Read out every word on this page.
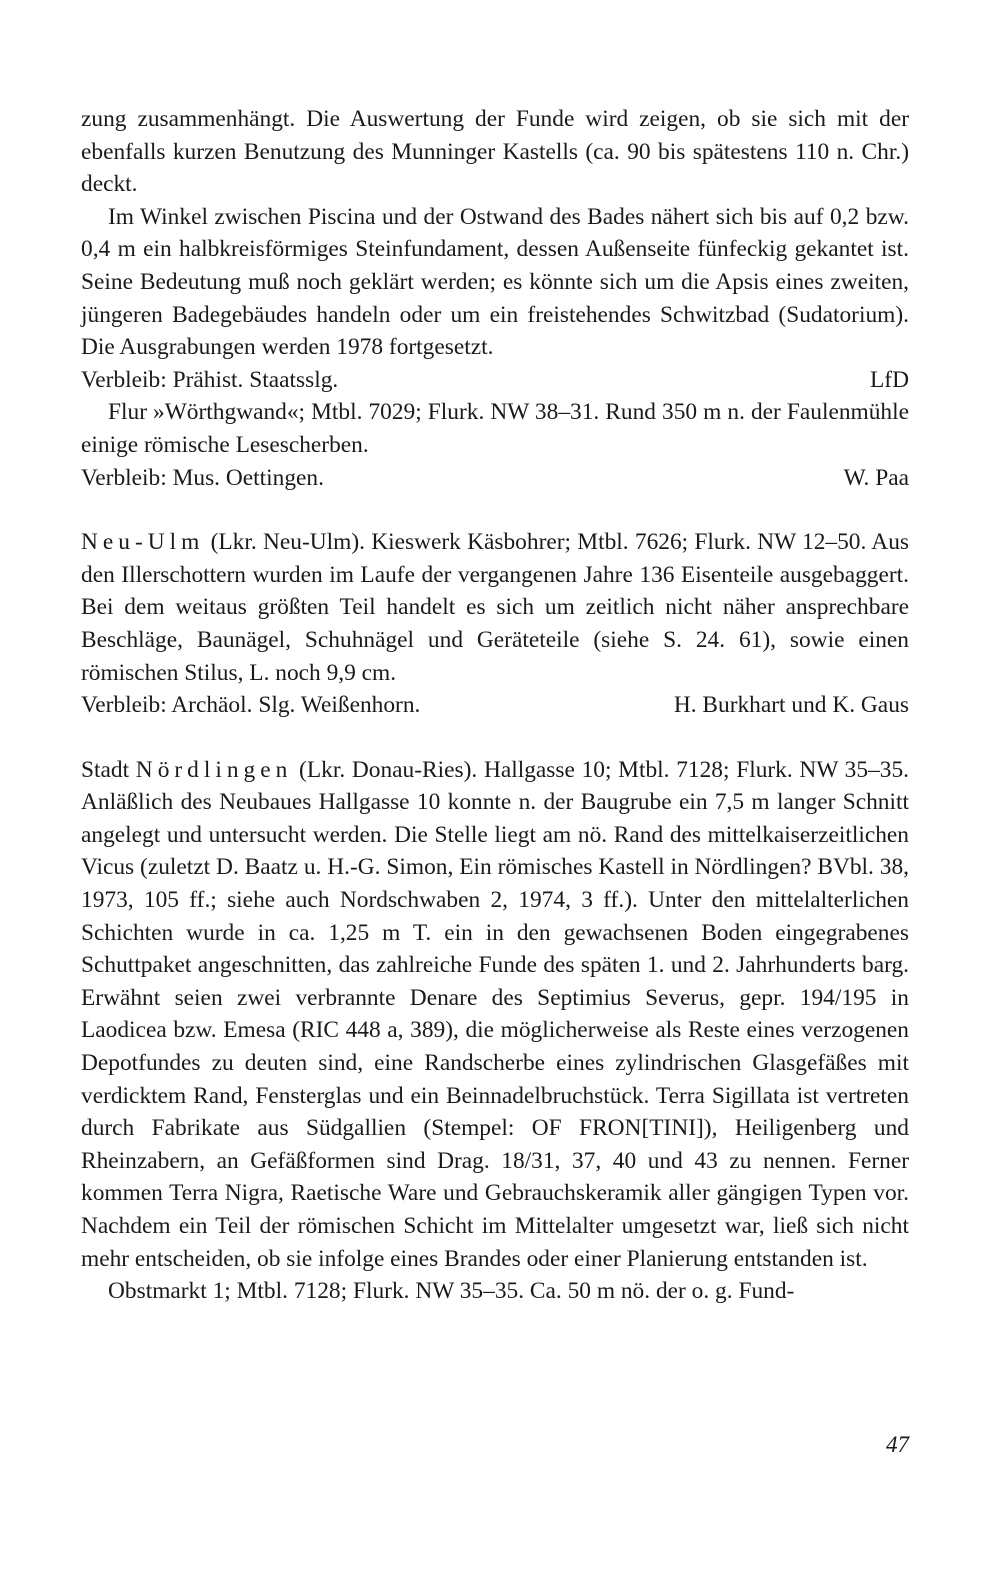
zung zusammenhängt. Die Auswertung der Funde wird zeigen, ob sie sich mit der ebenfalls kurzen Benutzung des Munninger Kastells (ca. 90 bis spätestens 110 n. Chr.) deckt.

Im Winkel zwischen Piscina und der Ostwand des Bades nähert sich bis auf 0,2 bzw. 0,4 m ein halbkreisförmiges Steinfundament, dessen Außenseite fünfeckig gekantet ist. Seine Bedeutung muß noch geklärt werden; es könnte sich um die Apsis eines zweiten, jüngeren Badegebäudes handeln oder um ein freistehendes Schwitzbad (Sudatorium). Die Ausgrabungen werden 1978 fortgesetzt.

Verbleib: Prähist. Staatsslg.	LfD

Flur »Wörthgwand«; Mtbl. 7029; Flurk. NW 38–31. Rund 350 m n. der Faulenmühle einige römische Lesescherben.

Verbleib: Mus. Oettingen.	W. Paa

Neu-Ulm (Lkr. Neu-Ulm). Kieswerk Käsbohrer; Mtbl. 7626; Flurk. NW 12–50. Aus den Illerschottern wurden im Laufe der vergangenen Jahre 136 Eisenteile ausgebaggert. Bei dem weitaus größten Teil handelt es sich um zeitlich nicht näher ansprechbare Beschläge, Baunägel, Schuhnägel und Geräteteile (siehe S. 24. 61), sowie einen römischen Stilus, L. noch 9,9 cm.

Verbleib: Archäol. Slg. Weißenhorn.	H. Burkhart und K. Gaus

Stadt Nördlingen (Lkr. Donau-Ries). Hallgasse 10; Mtbl. 7128; Flurk. NW 35–35. Anläßlich des Neubaues Hallgasse 10 konnte n. der Baugrube ein 7,5 m langer Schnitt angelegt und untersucht werden. Die Stelle liegt am nö. Rand des mittelkaiserzeitlichen Vicus (zuletzt D. Baatz u. H.-G. Simon, Ein römisches Kastell in Nördlingen? BVbl. 38, 1973, 105 ff.; siehe auch Nordschwaben 2, 1974, 3 ff.). Unter den mittelalterlichen Schichten wurde in ca. 1,25 m T. ein in den gewachsenen Boden eingegrabenes Schuttpaket angeschnitten, das zahlreiche Funde des späten 1. und 2. Jahrhunderts barg. Erwähnt seien zwei verbrannte Denare des Septimius Severus, gepr. 194/195 in Laodicea bzw. Emesa (RIC 448 a, 389), die möglicherweise als Reste eines verzogenen Depotfundes zu deuten sind, eine Randscherbe eines zylindrischen Glasgefäßes mit verdicktem Rand, Fensterglas und ein Beinnadelbruchstück. Terra Sigillata ist vertreten durch Fabrikate aus Südgallien (Stempel: OF FRON[TINI]), Heiligenberg und Rheinzabern, an Gefäßformen sind Drag. 18/31, 37, 40 und 43 zu nennen. Ferner kommen Terra Nigra, Raetische Ware und Gebrauchskeramik aller gängigen Typen vor. Nachdem ein Teil der römischen Schicht im Mittelalter umgesetzt war, ließ sich nicht mehr entscheiden, ob sie infolge eines Brandes oder einer Planierung entstanden ist.

Obstmarkt 1; Mtbl. 7128; Flurk. NW 35–35. Ca. 50 m nö. der o. g. Fund-

47
